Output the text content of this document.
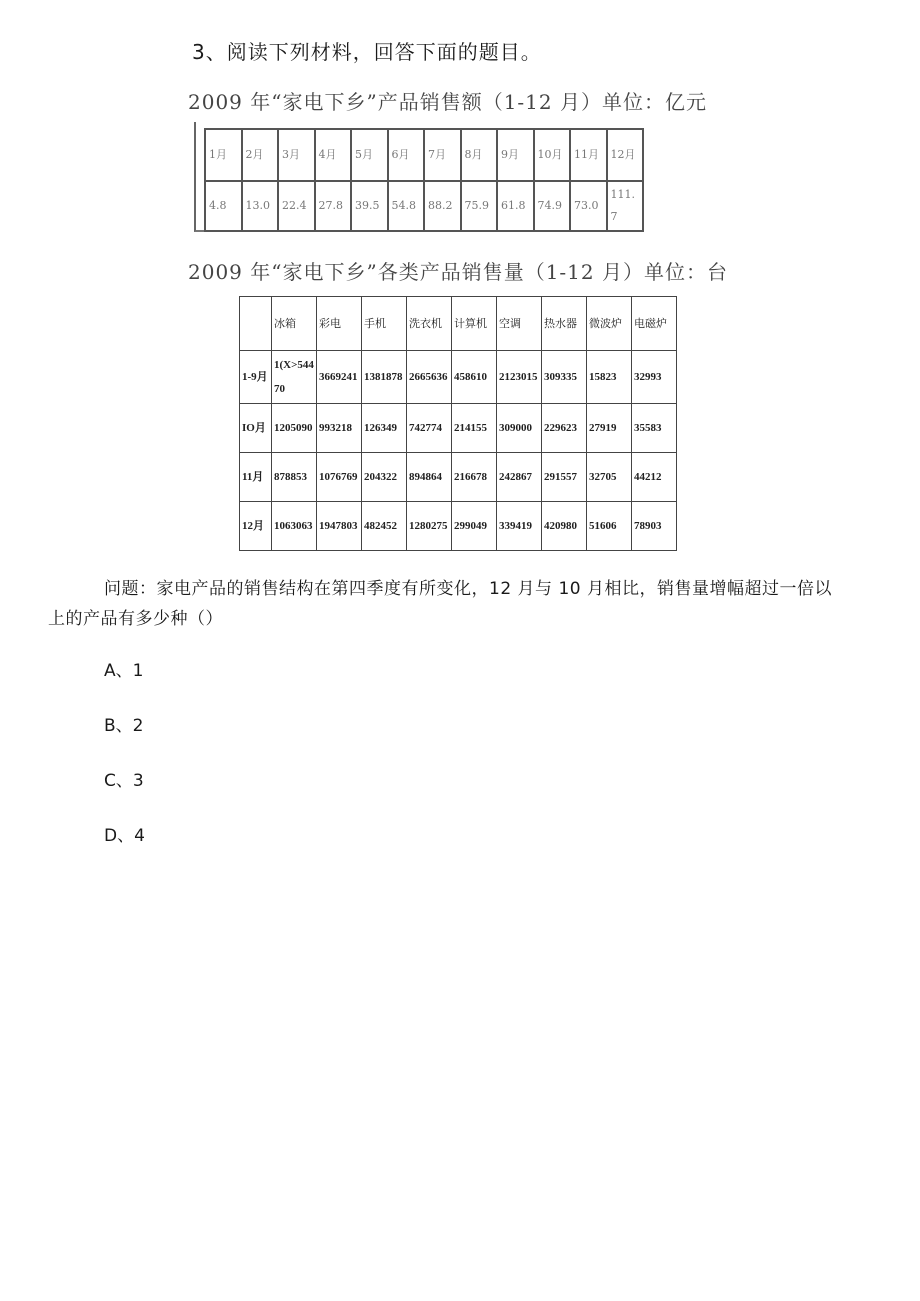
3、阅读下列材料，回答下面的题目。
2009 年“家电下乡”产品销售额（1-12 月）单位：亿元
1月	2月	3月	4月	5月	6月	7月	8月	9月	10月	11月	12月
4.8	13.0	22.4	27.8	39.5	54.8	88.2	75.9	61.8	74.9	73.0	111.7
2009 年“家电下乡”各类产品销售量（1-12 月）单位：台
	冰箱	彩电	手机	洗衣机	计算机	空调	热水器	微波炉	电磁炉
1-9月	1(X>54470	3669241	1381878	2665636	458610	2123015	309335	15823	32993
IO月	1205090	993218	126349	742774	214155	309000	229623	27919	35583
11月	878853	1076769	204322	894864	216678	242867	291557	32705	44212
12月	1063063	1947803	482452	1280275	299049	339419	420980	51606	78903
问题：家电产品的销售结构在第四季度有所变化，12 月与 10 月相比，销售量增幅超过一倍以
上的产品有多少种（）
A、1
B、2
C、3
D、4
